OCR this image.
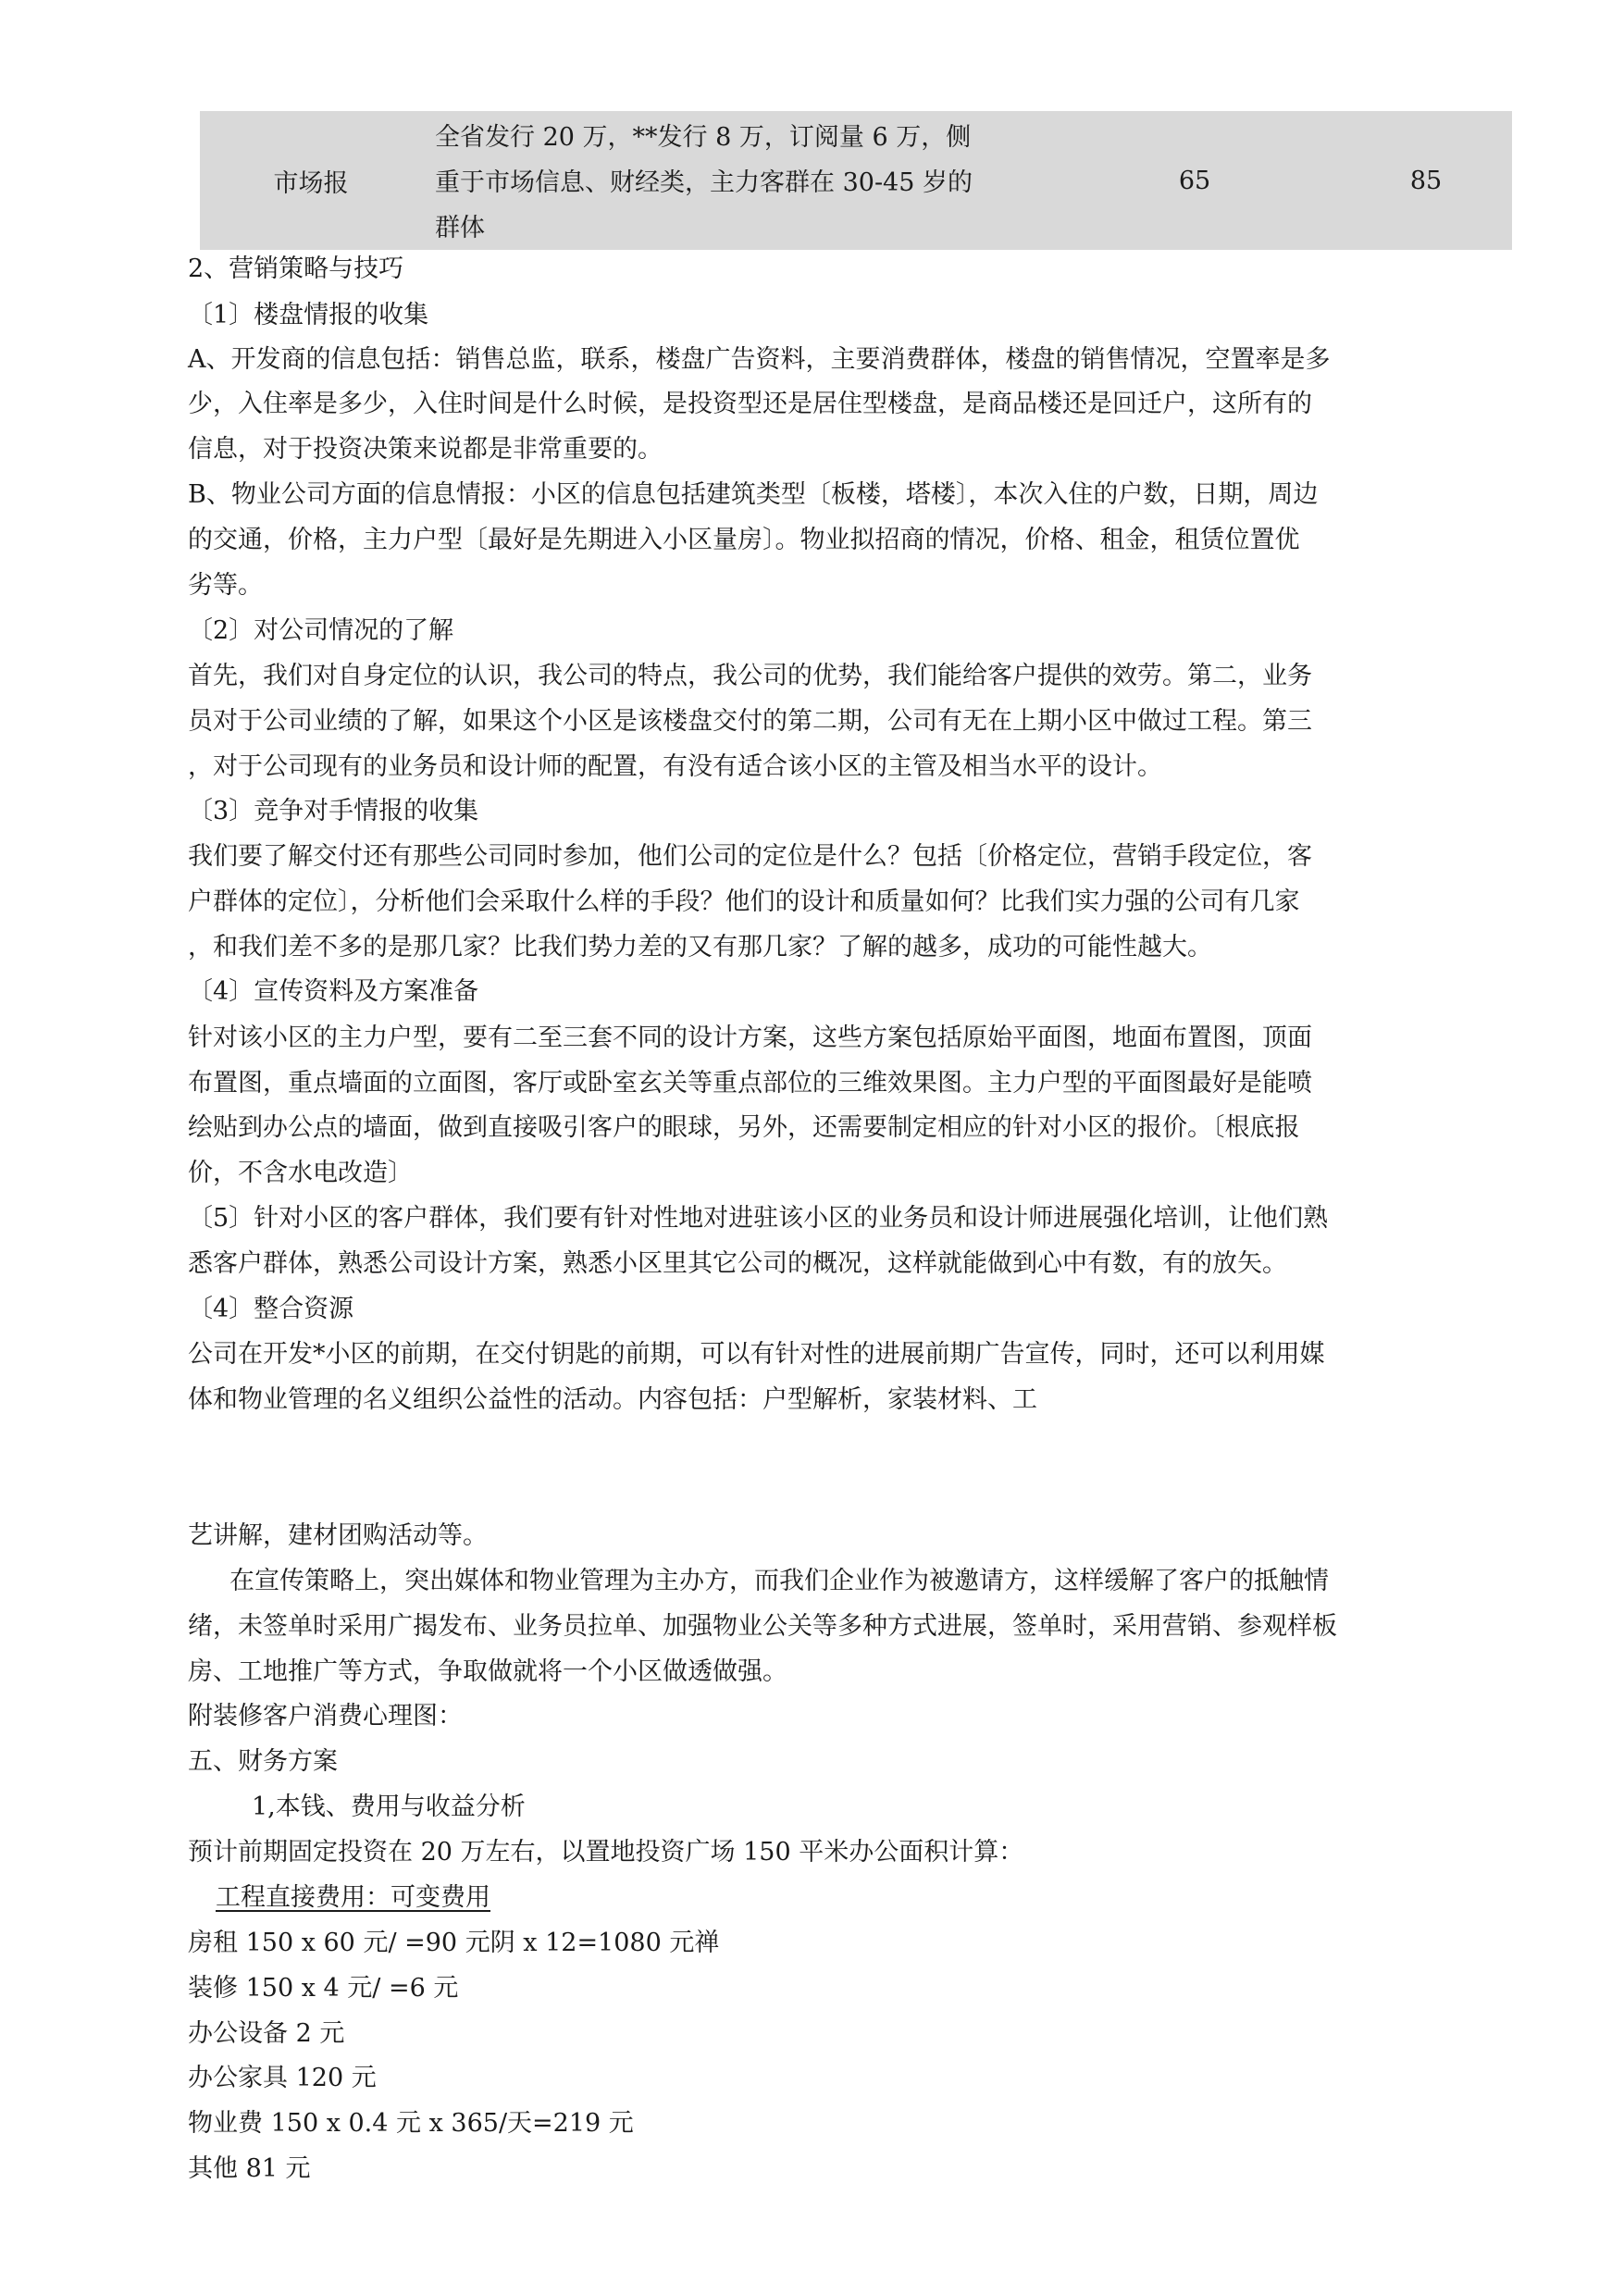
市场报
全省发行 20 万，**发行 8 万，订阅量 6 万，侧
重于市场信息、财经类，主力客群在 30-45 岁的
群体
65	85
2、营销策略与技巧
〔1〕楼盘情报的收集
A、开发商的信息包括：销售总监，联系，楼盘广告资料，主要消费群体，楼盘的销售情况，空置率是多
少，入住率是多少，入住时间是什么时候，是投资型还是居住型楼盘，是商品楼还是回迁户，这所有的
信息，对于投资决策来说都是非常重要的。
B、物业公司方面的信息情报：小区的信息包括建筑类型〔板楼，塔楼〕，本次入住的户数，日期，周边
的交通，价格，主力户型〔最好是先期进入小区量房〕。物业拟招商的情况，价格、租金，租赁位置优
劣等。
〔2〕对公司情况的了解
首先，我们对自身定位的认识，我公司的特点，我公司的优势，我们能给客户提供的效劳。第二，业务
员对于公司业绩的了解，如果这个小区是该楼盘交付的第二期，公司有无在上期小区中做过工程。第三
，对于公司现有的业务员和设计师的配置，有没有适合该小区的主管及相当水平的设计。
〔3〕竞争对手情报的收集
我们要了解交付还有那些公司同时参加，他们公司的定位是什么？包括〔价格定位，营销手段定位，客
户群体的定位〕，分析他们会采取什么样的手段？他们的设计和质量如何？比我们实力强的公司有几家
，和我们差不多的是那几家？比我们势力差的又有那几家？了解的越多，成功的可能性越大。
〔4〕宣传资料及方案准备
针对该小区的主力户型，要有二至三套不同的设计方案，这些方案包括原始平面图，地面布置图，顶面
布置图，重点墙面的立面图，客厅或卧室玄关等重点部位的三维效果图。主力户型的平面图最好是能喷
绘贴到办公点的墙面，做到直接吸引客户的眼球，另外，还需要制定相应的针对小区的报价。〔根底报
价，不含水电改造〕
〔5〕针对小区的客户群体，我们要有针对性地对进驻该小区的业务员和设计师进展强化培训，让他们熟
悉客户群体，熟悉公司设计方案，熟悉小区里其它公司的概况，这样就能做到心中有数，有的放矢。
〔4〕整合资源
公司在开发*小区的前期，在交付钥匙的前期，可以有针对性的进展前期广告宣传，同时，还可以利用媒
体和物业管理的名义组织公益性的活动。内容包括：户型解析，家装材料、工
艺讲解，建材团购活动等。
在宣传策略上，突出媒体和物业管理为主办方，而我们企业作为被邀请方，这样缓解了客户的抵触情
绪，未签单时采用广揭发布、业务员拉单、加强物业公关等多种方式进展，签单时，采用营销、参观样板
房、工地推广等方式，争取做就将一个小区做透做强。
附装修客户消费心理图：
五、财务方案
1,本钱、费用与收益分析
预计前期固定投资在 20 万左右，以置地投资广场 150 平米办公面积计算：
工程直接费用：可变费用
房租 150 x 60 元/ =90 元阴 x 12=1080 元禅
装修 150 x 4 元/ =6 元
办公设备 2 元
办公家具 120 元
物业费 150 x 0.4 元 x 365/天=219 元
其他 81 元
